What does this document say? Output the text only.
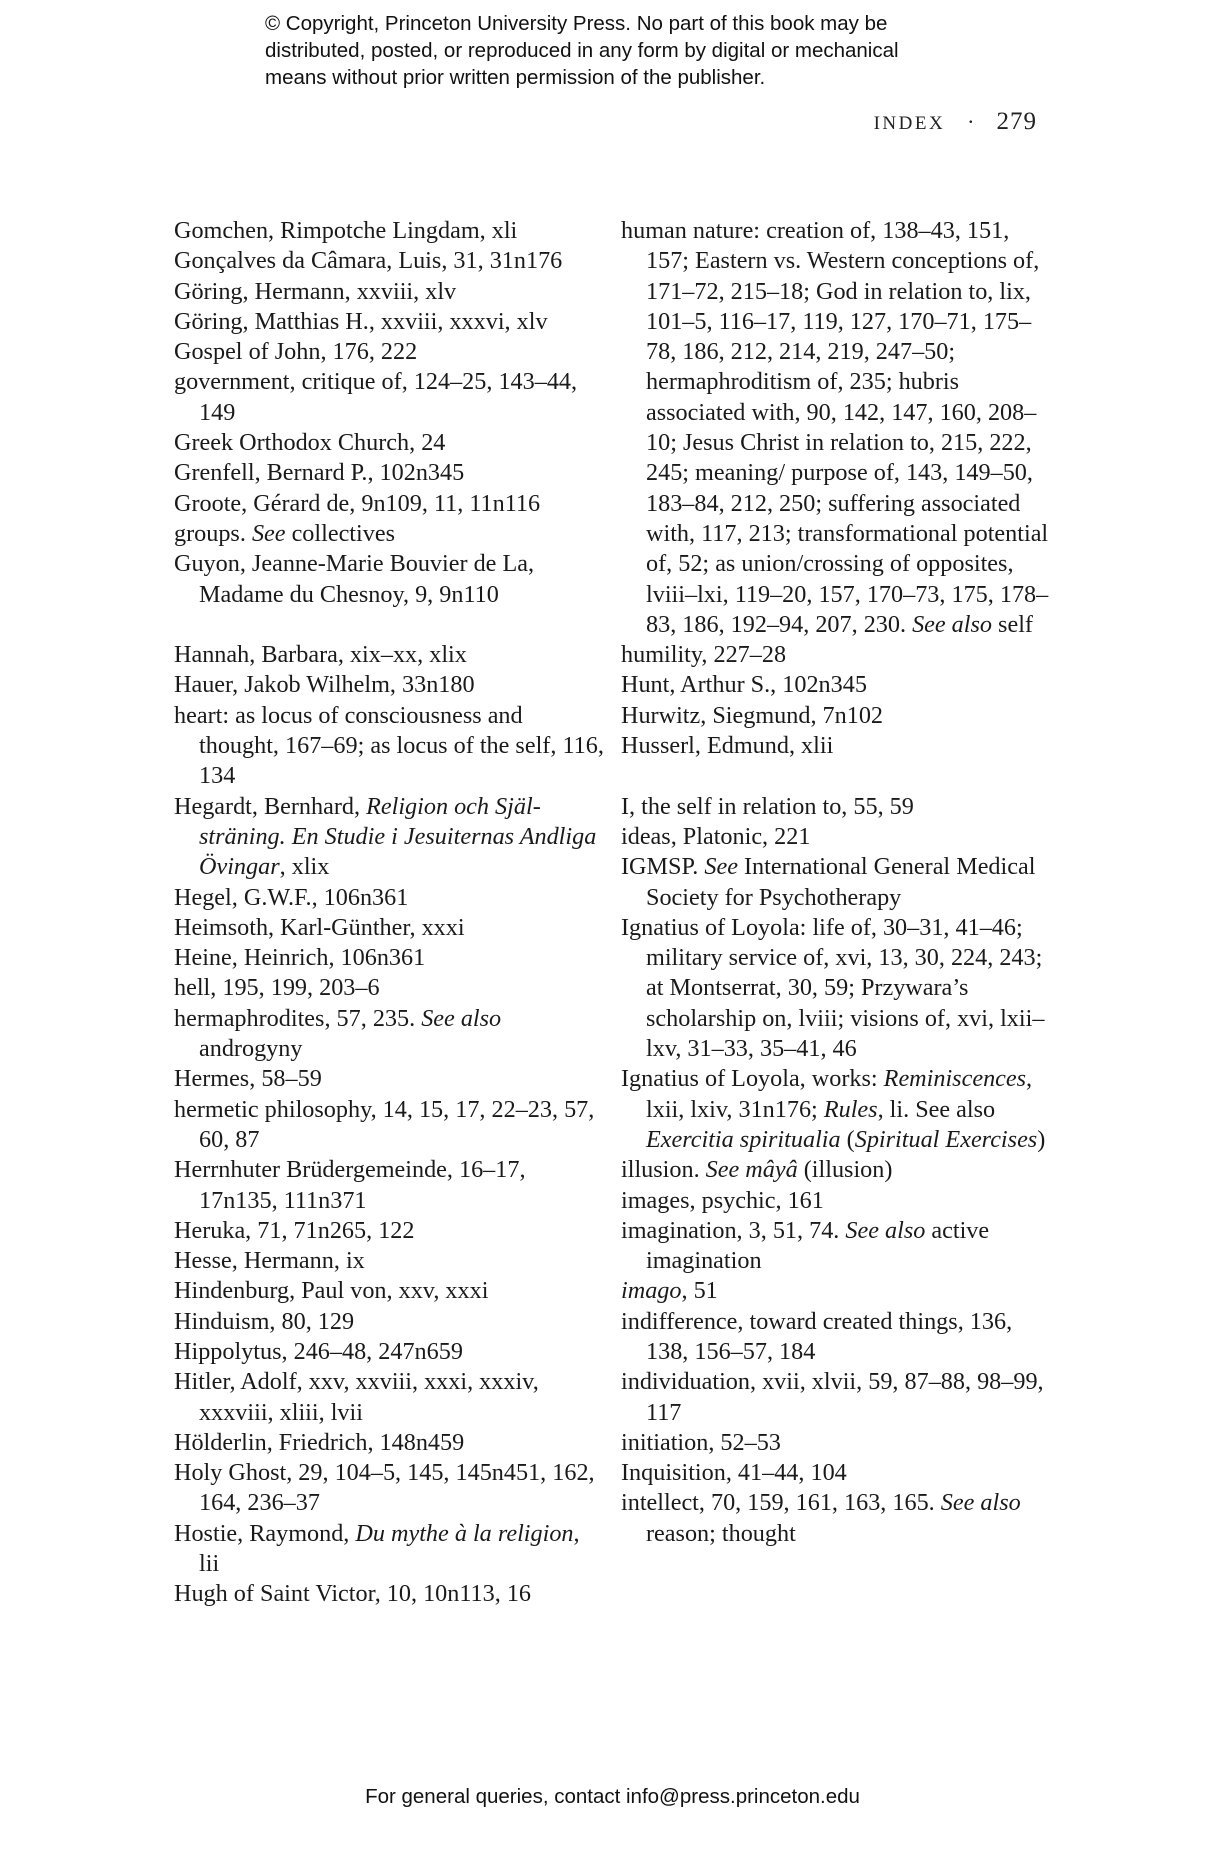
© Copyright, Princeton University Press. No part of this book may be distributed, posted, or reproduced in any form by digital or mechanical means without prior written permission of the publisher.
INDEX · 279

Gomchen, Rimpotche Lingdam, xli

Gonçalves da Câmara, Luis, 31, 31n176

Göring, Hermann, xxviii, xlv

Göring, Matthias H., xxviii, xxxvi, xlv

Gospel of John, 176, 222

government, critique of, 124–25, 143–44, 149

Greek Orthodox Church, 24

Grenfell, Bernard P., 102n345

Groote, Gérard de, 9n109, 11, 11n116

groups. See collectives

Guyon, Jeanne-Marie Bouvier de La, Madame du Chesnoy, 9, 9n110

Hannah, Barbara, xix–xx, xlix

Hauer, Jakob Wilhelm, 33n180

heart: as locus of consciousness and thought, 167–69; as locus of the self, 116, 134

Hegardt, Bernhard, Religion och Själsträning. En Studie i Jesuiternas Andliga Övingar, xlix

Hegel, G.W.F., 106n361

Heimsoth, Karl-Günther, xxxi

Heine, Heinrich, 106n361

hell, 195, 199, 203–6

hermaphrodites, 57, 235. See also androgyny

Hermes, 58–59

hermetic philosophy, 14, 15, 17, 22–23, 57, 60, 87

Herrnhuter Brüdergemeinde, 16–17, 17n135, 111n371

Heruka, 71, 71n265, 122

Hesse, Hermann, ix

Hindenburg, Paul von, xxv, xxxi

Hinduism, 80, 129

Hippolytus, 246–48, 247n659

Hitler, Adolf, xxv, xxviii, xxxi, xxxiv, xxxviii, xliii, lvii

Hölderlin, Friedrich, 148n459

Holy Ghost, 29, 104–5, 145, 145n451, 162, 164, 236–37

Hostie, Raymond, Du mythe à la religion, lii

Hugh of Saint Victor, 10, 10n113, 16

human nature: creation of, 138–43, 151, 157; Eastern vs. Western conceptions of, 171–72, 215–18; God in relation to, lix, 101–5, 116–17, 119, 127, 170–71, 175–78, 186, 212, 214, 219, 247–50; hermaphroditism of, 235; hubris associated with, 90, 142, 147, 160, 208–10; Jesus Christ in relation to, 215, 222, 245; meaning/ purpose of, 143, 149–50, 183–84, 212, 250; suffering associated with, 117, 213; transformational potential of, 52; as union/crossing of opposites, lviii–lxi, 119–20, 157, 170–73, 175, 178–83, 186, 192–94, 207, 230. See also self

humility, 227–28

Hunt, Arthur S., 102n345

Hurwitz, Siegmund, 7n102

Husserl, Edmund, xlii

I, the self in relation to, 55, 59

ideas, Platonic, 221

IGMSP. See International General Medical Society for Psychotherapy

Ignatius of Loyola: life of, 30–31, 41–46; military service of, xvi, 13, 30, 224, 243; at Montserrat, 30, 59; Przywara’s scholarship on, lviii; visions of, xvi, lxii–lxv, 31–33, 35–41, 46

Ignatius of Loyola, works: Reminiscences, lxii, lxiv, 31n176; Rules, li. See also Exercitia spiritualia (Spiritual Exercises)

illusion. See mâyâ (illusion)

images, psychic, 161

imagination, 3, 51, 74. See also active imagination

imago, 51

indifference, toward created things, 136, 138, 156–57, 184

individuation, xvii, xlvii, 59, 87–88, 98–99, 117

initiation, 52–53

Inquisition, 41–44, 104

intellect, 70, 159, 161, 163, 165. See also reason; thought

For general queries, contact info@press.princeton.edu
